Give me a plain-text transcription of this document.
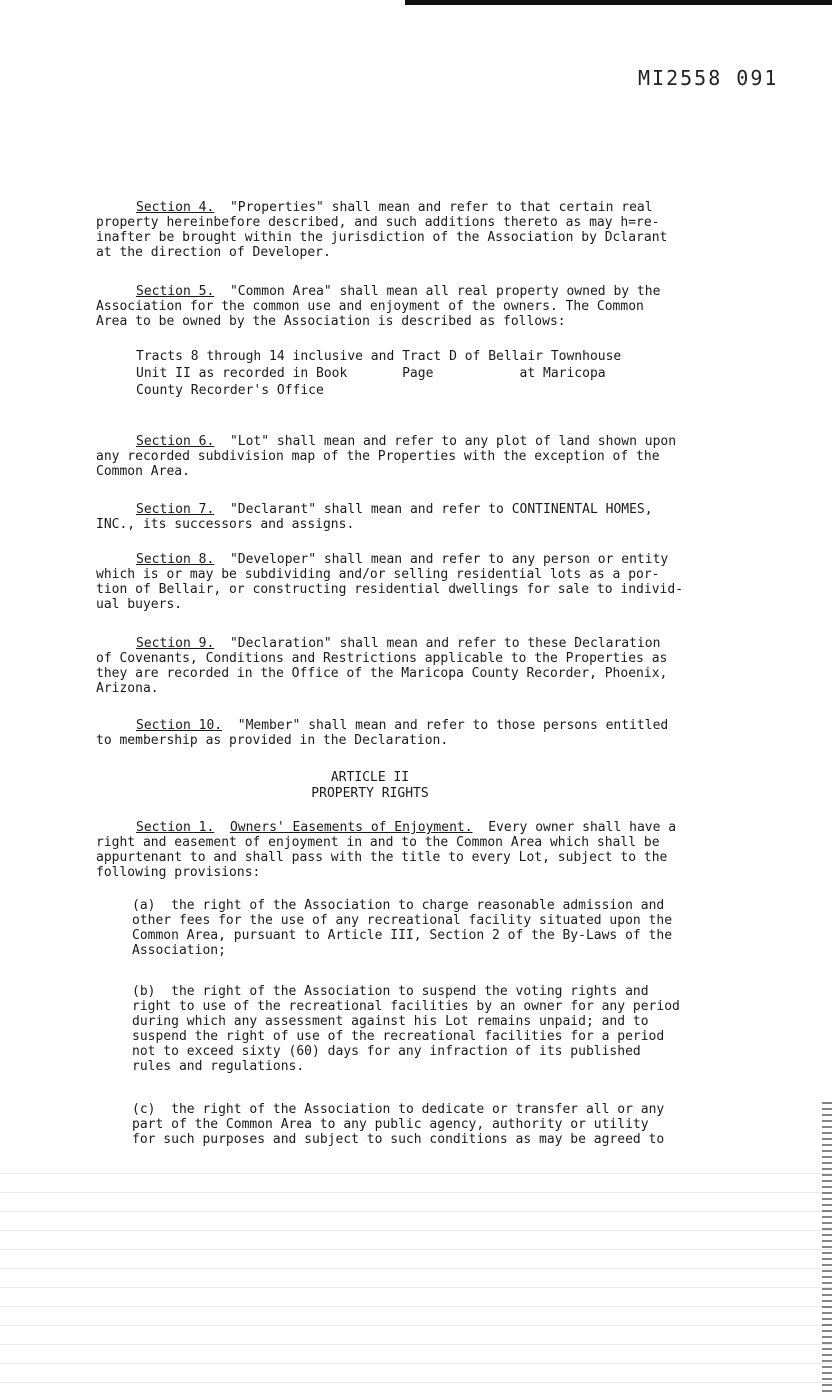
MI2558 091
Section 4. "Properties" shall mean and refer to that certain real
property hereinbefore described, and such additions thereto as may h=re-
inafter be brought within the jurisdiction of the Association by Dclarant
at the direction of Developer.
Section 5. "Common Area" shall mean all real property owned by the
Association for the common use and enjoyment of the owners. The Common
Area to be owned by the Association is described as follows:
Tracts 8 through 14 inclusive and Tract D of Bellair Townhouse
Unit II as recorded in Book       Page           at Maricopa
County Recorder's Office
Section 6. "Lot" shall mean and refer to any plot of land shown upon
any recorded subdivision map of the Properties with the exception of the
Common Area.
Section 7. "Declarant" shall mean and refer to CONTINENTAL HOMES,
INC., its successors and assigns.
Section 8. "Developer" shall mean and refer to any person or entity
which is or may be subdividing and/or selling residential lots as a por-
tion of Bellair, or constructing residential dwellings for sale to individ-
ual buyers.
Section 9. "Declaration" shall mean and refer to these Declaration
of Covenants, Conditions and Restrictions applicable to the Properties as
they are recorded in the Office of the Maricopa County Recorder, Phoenix,
Arizona.
Section 10. "Member" shall mean and refer to those persons entitled
to membership as provided in the Declaration.
ARTICLE II
PROPERTY RIGHTS
Section 1. Owners' Easements of Enjoyment. Every owner shall have a
right and easement of enjoyment in and to the Common Area which shall be
appurtenant to and shall pass with the title to every Lot, subject to the
following provisions:
(a) the right of the Association to charge reasonable admission and
other fees for the use of any recreational facility situated upon the
Common Area, pursuant to Article III, Section 2 of the By-Laws of the
Association;
(b) the right of the Association to suspend the voting rights and
right to use of the recreational facilities by an owner for any period
during which any assessment against his Lot remains unpaid; and to
suspend the right of use of the recreational facilities for a period
not to exceed sixty (60) days for any infraction of its published
rules and regulations.
(c) the right of the Association to dedicate or transfer all or any
part of the Common Area to any public agency, authority or utility
for such purposes and subject to such conditions as may be agreed to
